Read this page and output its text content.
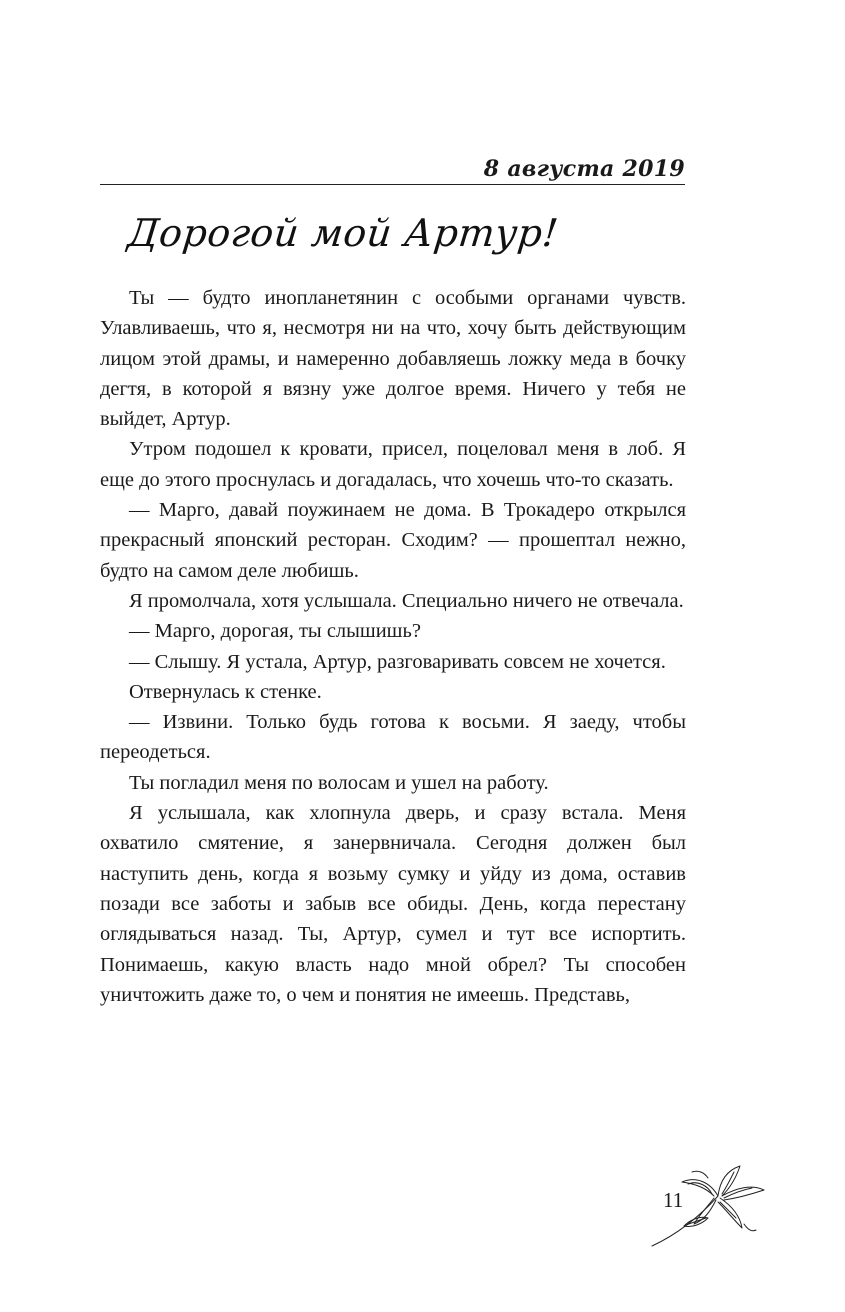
8 августа 2019
Дорогой мой Артур!

Ты — будто инопланетянин с особыми органами чувств. Улавливаешь, что я, несмотря ни на что, хочу быть действующим лицом этой драмы, и намеренно добавляешь ложку меда в бочку дегтя, в которой я вязну уже долгое время. Ничего у тебя не выйдет, Артур.

Утром подошел к кровати, присел, поцеловал меня в лоб. Я еще до этого проснулась и догадалась, что хочешь что-то сказать.

— Марго, давай поужинаем не дома. В Трокадеро открылся прекрасный японский ресторан. Сходим? — прошептал нежно, будто на самом деле любишь.

Я промолчала, хотя услышала. Специально ничего не отвечала.

— Марго, дорогая, ты слышишь?

— Слышу. Я устала, Артур, разговаривать совсем не хочется.

Отвернулась к стенке.

— Извини. Только будь готова к восьми. Я заеду, чтобы переодеться.

Ты погладил меня по волосам и ушел на работу.

Я услышала, как хлопнула дверь, и сразу встала. Меня охватило смятение, я занервничала. Сегодня должен был наступить день, когда я возьму сумку и уйду из дома, оставив позади все заботы и забыв все обиды. День, когда перестану оглядываться назад. Ты, Артур, сумел и тут все испортить. Понимаешь, какую власть надо мной обрел? Ты способен уничтожить даже то, о чем и понятия не имеешь. Представь,

11
